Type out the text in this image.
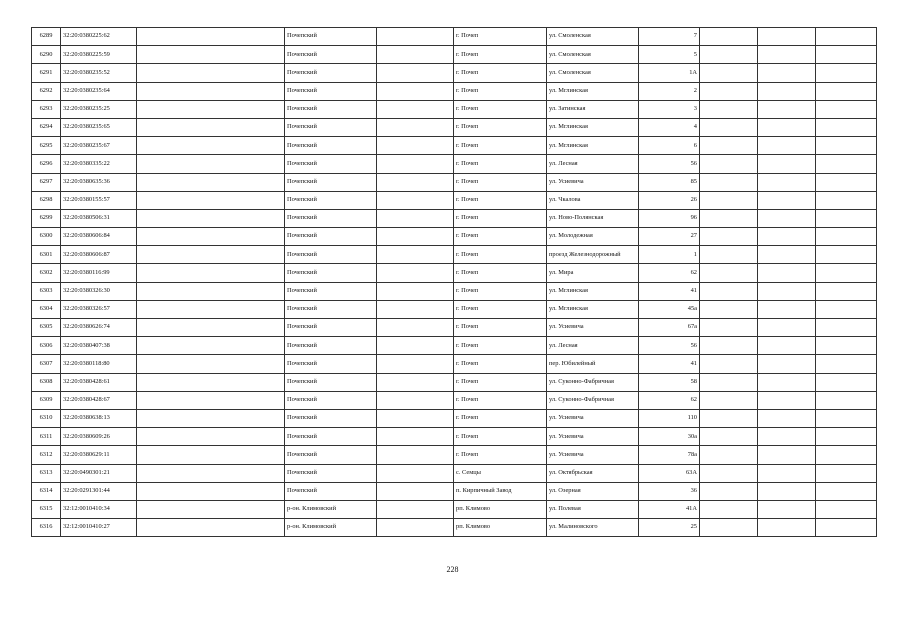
6289	32:20:0380225:62		Почепский		г. Почеп	ул. Смоленская	7			
6290	32:20:0380225:59		Почепский		г. Почеп	ул. Смоленская	5			
6291	32:20:0380235:52		Почепский		г. Почеп	ул. Смоленская	1А			
6292	32:20:0380235:64		Почепский		г. Почеп	ул. Мглинская	2			
6293	32:20:0380235:25		Почепский		г. Почеп	ул. Затинская	3			
6294	32:20:0380235:65		Почепский		г. Почеп	ул. Мглинская	4			
6295	32:20:0380235:67		Почепский		г. Почеп	ул. Мглинская	6			
6296	32:20:0380335:22		Почепский		г. Почеп	ул. Лесная	56			
6297	32:20:0380635:36		Почепский		г. Почеп	ул. Усиевича	85			
6298	32:20:0380155:57		Почепский		г. Почеп	ул. Чкалова	26			
6299	32:20:0380506:31		Почепский		г. Почеп	ул. Ново-Полянская	96			
6300	32:20:0380606:84		Почепский		г. Почеп	ул. Молодежная	27			
6301	32:20:0380606:87		Почепский		г. Почеп	проезд Железнодорожный	1			
6302	32:20:0380116:99		Почепский		г. Почеп	ул. Мира	62			
6303	32:20:0380326:30		Почепский		г. Почеп	ул. Мглинская	41			
6304	32:20:0380326:57		Почепский		г. Почеп	ул. Мглинская	45а			
6305	32:20:0380626:74		Почепский		г. Почеп	ул. Усиевича	67а			
6306	32:20:0380407:38		Почепский		г. Почеп	ул. Лесная	56			
6307	32:20:0380118:80		Почепский		г. Почеп	пер. Юбилейный	41			
6308	32:20:0380428:61		Почепский		г. Почеп	ул. Суконно-Фабричная	58			
6309	32:20:0380428:67		Почепский		г. Почеп	ул. Суконно-Фабричная	62			
6310	32:20:0380638:13		Почепский		г. Почеп	ул. Усиевича	110			
6311	32:20:0380609:26		Почепский		г. Почеп	ул. Усиевича	30а			
6312	32:20:0380629:11		Почепский		г. Почеп	ул. Усиевича	78а			
6313	32:20:0490301:21		Почепский		с. Семцы	ул. Октябрьская	63А			
6314	32:20:0291301:44		Почепский		п. Кирпичный Завод	ул. Озерная	36			
6315	32:12:0010410:34		р-он. Климовский		рп. Климово	ул. Полевая	41А			
6316	32:12:0010410:27		р-он. Климовский		рп. Климово	ул. Малиновского	25			
228
